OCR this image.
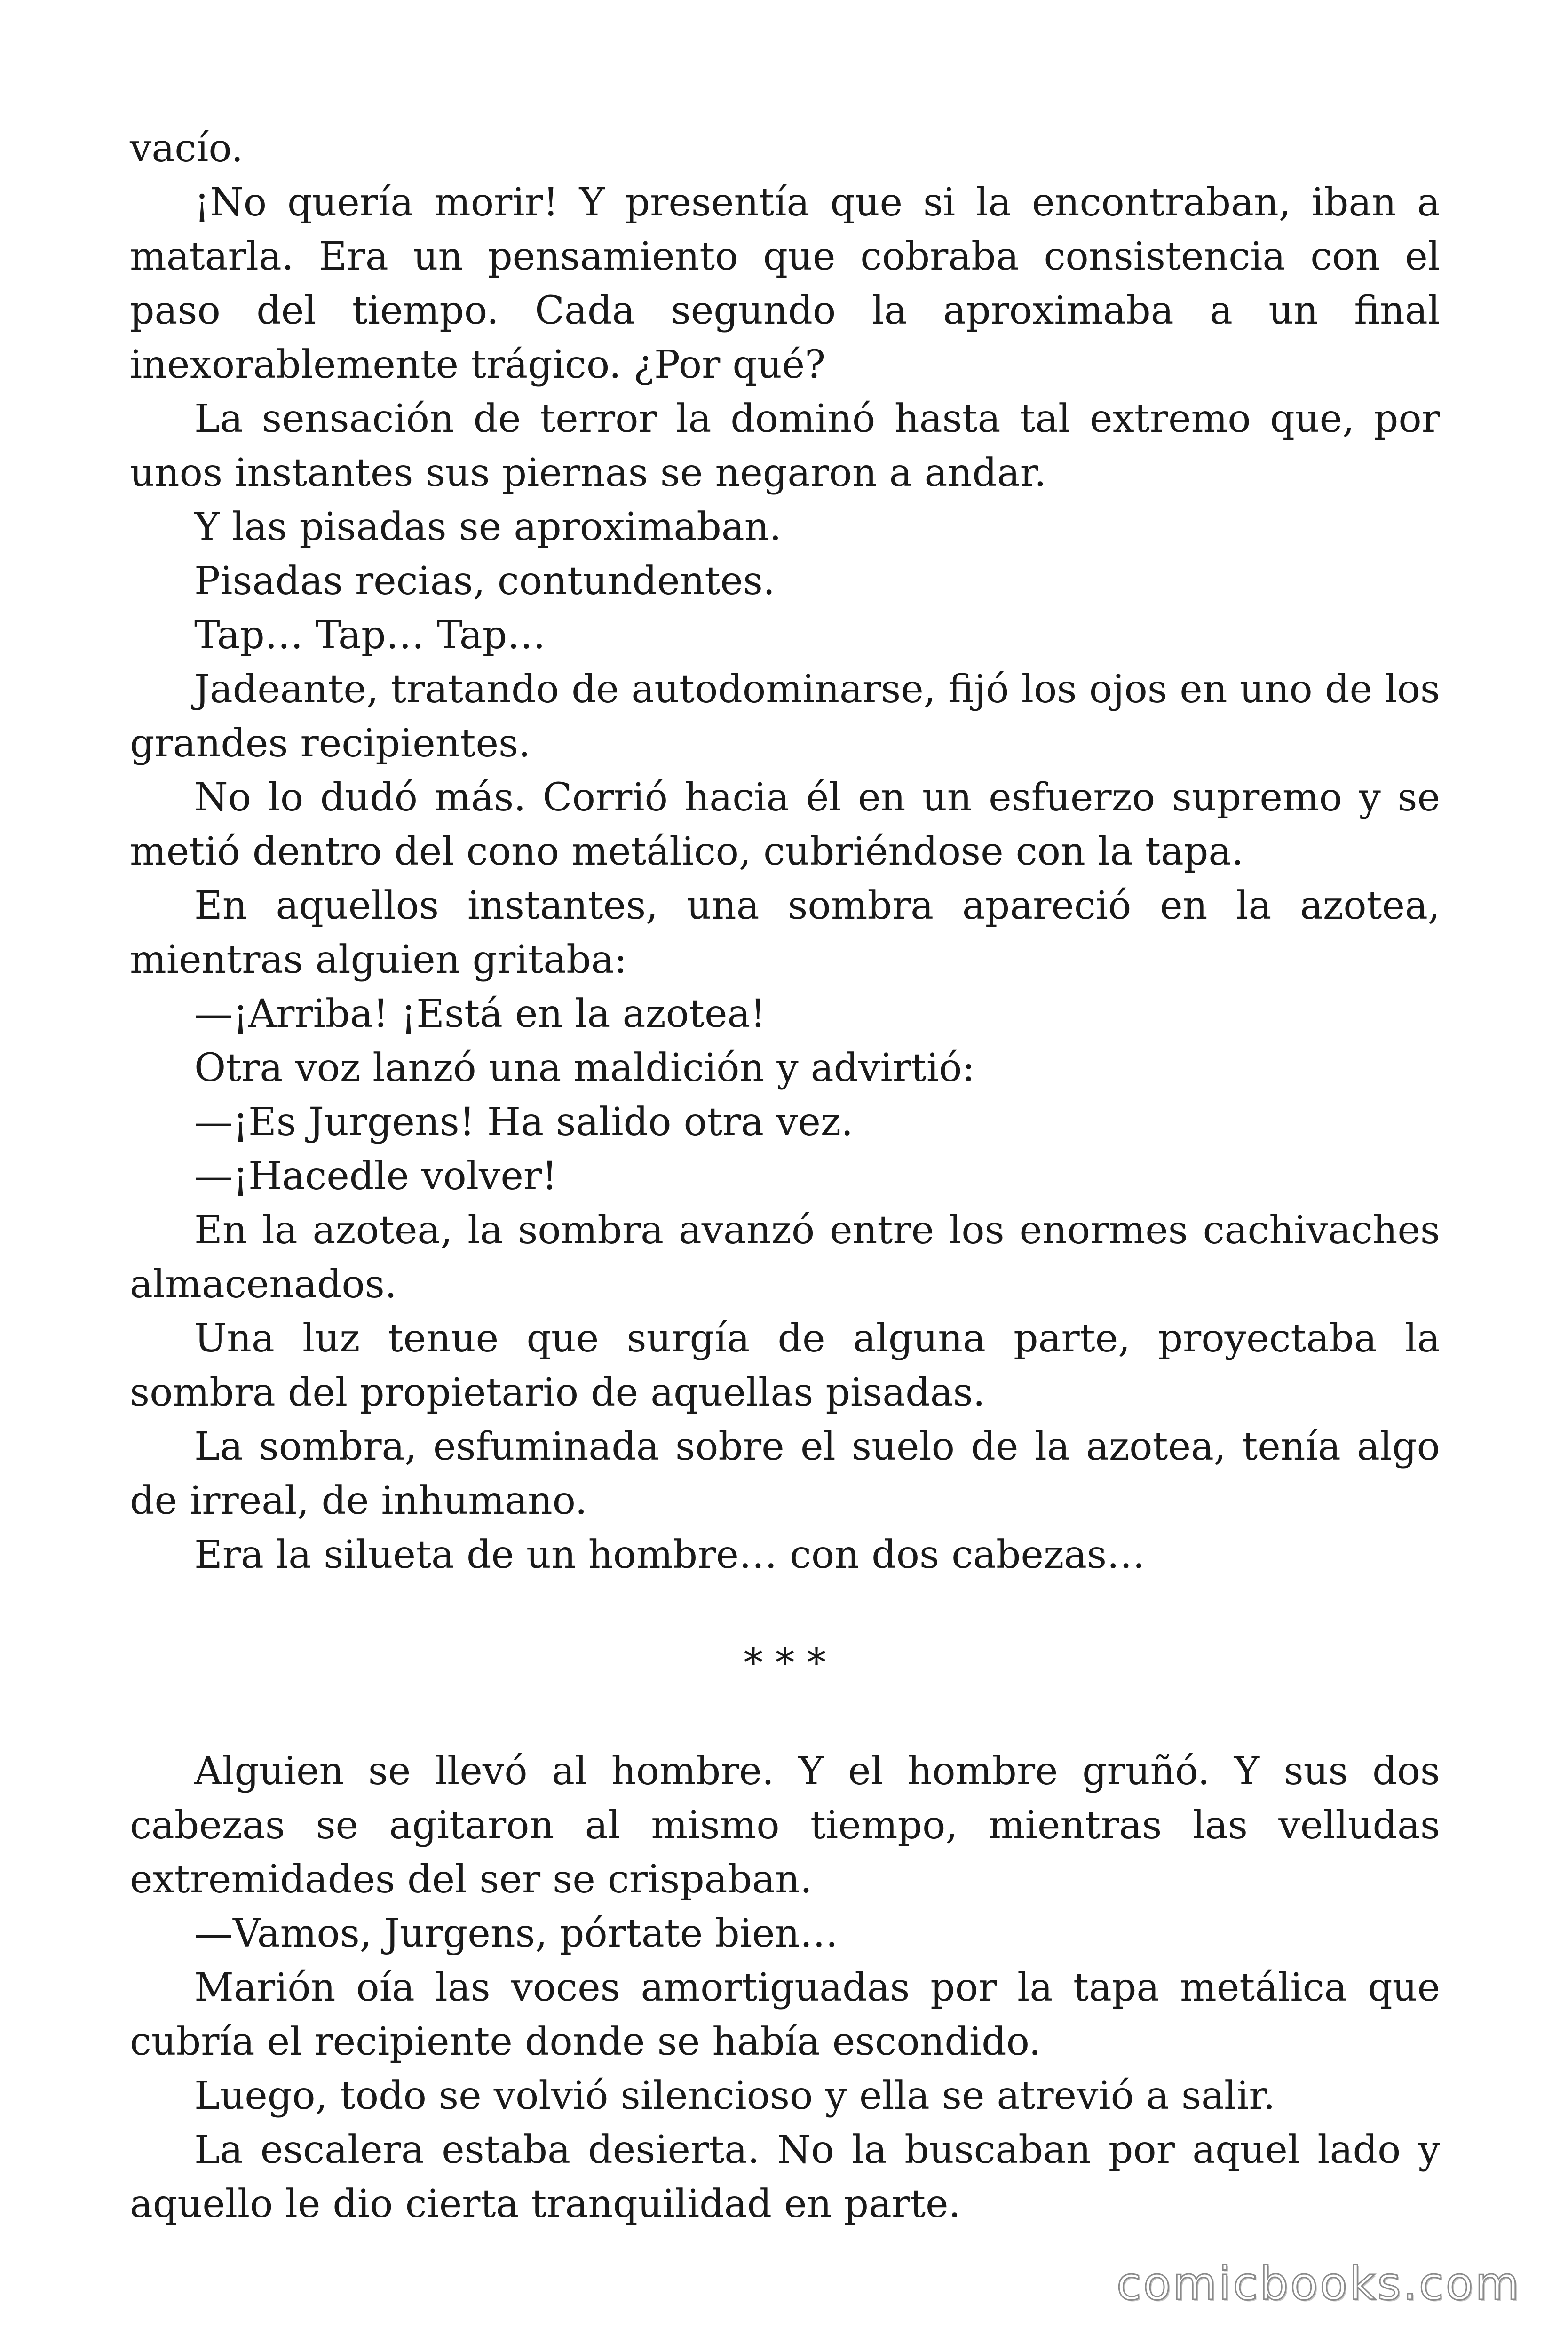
vacío.

¡No quería morir! Y presentía que si la encontraban, iban a matarla. Era un pensamiento que cobraba consistencia con el paso del tiempo. Cada segundo la aproximaba a un final inexorablemente trágico. ¿Por qué?

La sensación de terror la dominó hasta tal extremo que, por unos instantes sus piernas se negaron a andar.

Y las pisadas se aproximaban.

Pisadas recias, contundentes.

Tap… Tap… Tap…

Jadeante, tratando de autodominarse, fijó los ojos en uno de los grandes recipientes.

No lo dudó más. Corrió hacia él en un esfuerzo supremo y se metió dentro del cono metálico, cubriéndose con la tapa.

En aquellos instantes, una sombra apareció en la azotea, mientras alguien gritaba:

—¡Arriba! ¡Está en la azotea!

Otra voz lanzó una maldición y advirtió:

—¡Es Jurgens! Ha salido otra vez.

—¡Hacedle volver!

En la azotea, la sombra avanzó entre los enormes cachivaches almacenados.

Una luz tenue que surgía de alguna parte, proyectaba la sombra del propietario de aquellas pisadas.

La sombra, esfuminada sobre el suelo de la azotea, tenía algo de irreal, de inhumano.

Era la silueta de un hombre… con dos cabezas…

* * *

Alguien se llevó al hombre. Y el hombre gruñó. Y sus dos cabezas se agitaron al mismo tiempo, mientras las velludas extremidades del ser se crispaban.

—Vamos, Jurgens, pórtate bien…

Marión oía las voces amortiguadas por la tapa metálica que cubría el recipiente donde se había escondido.

Luego, todo se volvió silencioso y ella se atrevió a salir.

La escalera estaba desierta. No la buscaban por aquel lado y aquello le dio cierta tranquilidad en parte.

comicbooks.com
